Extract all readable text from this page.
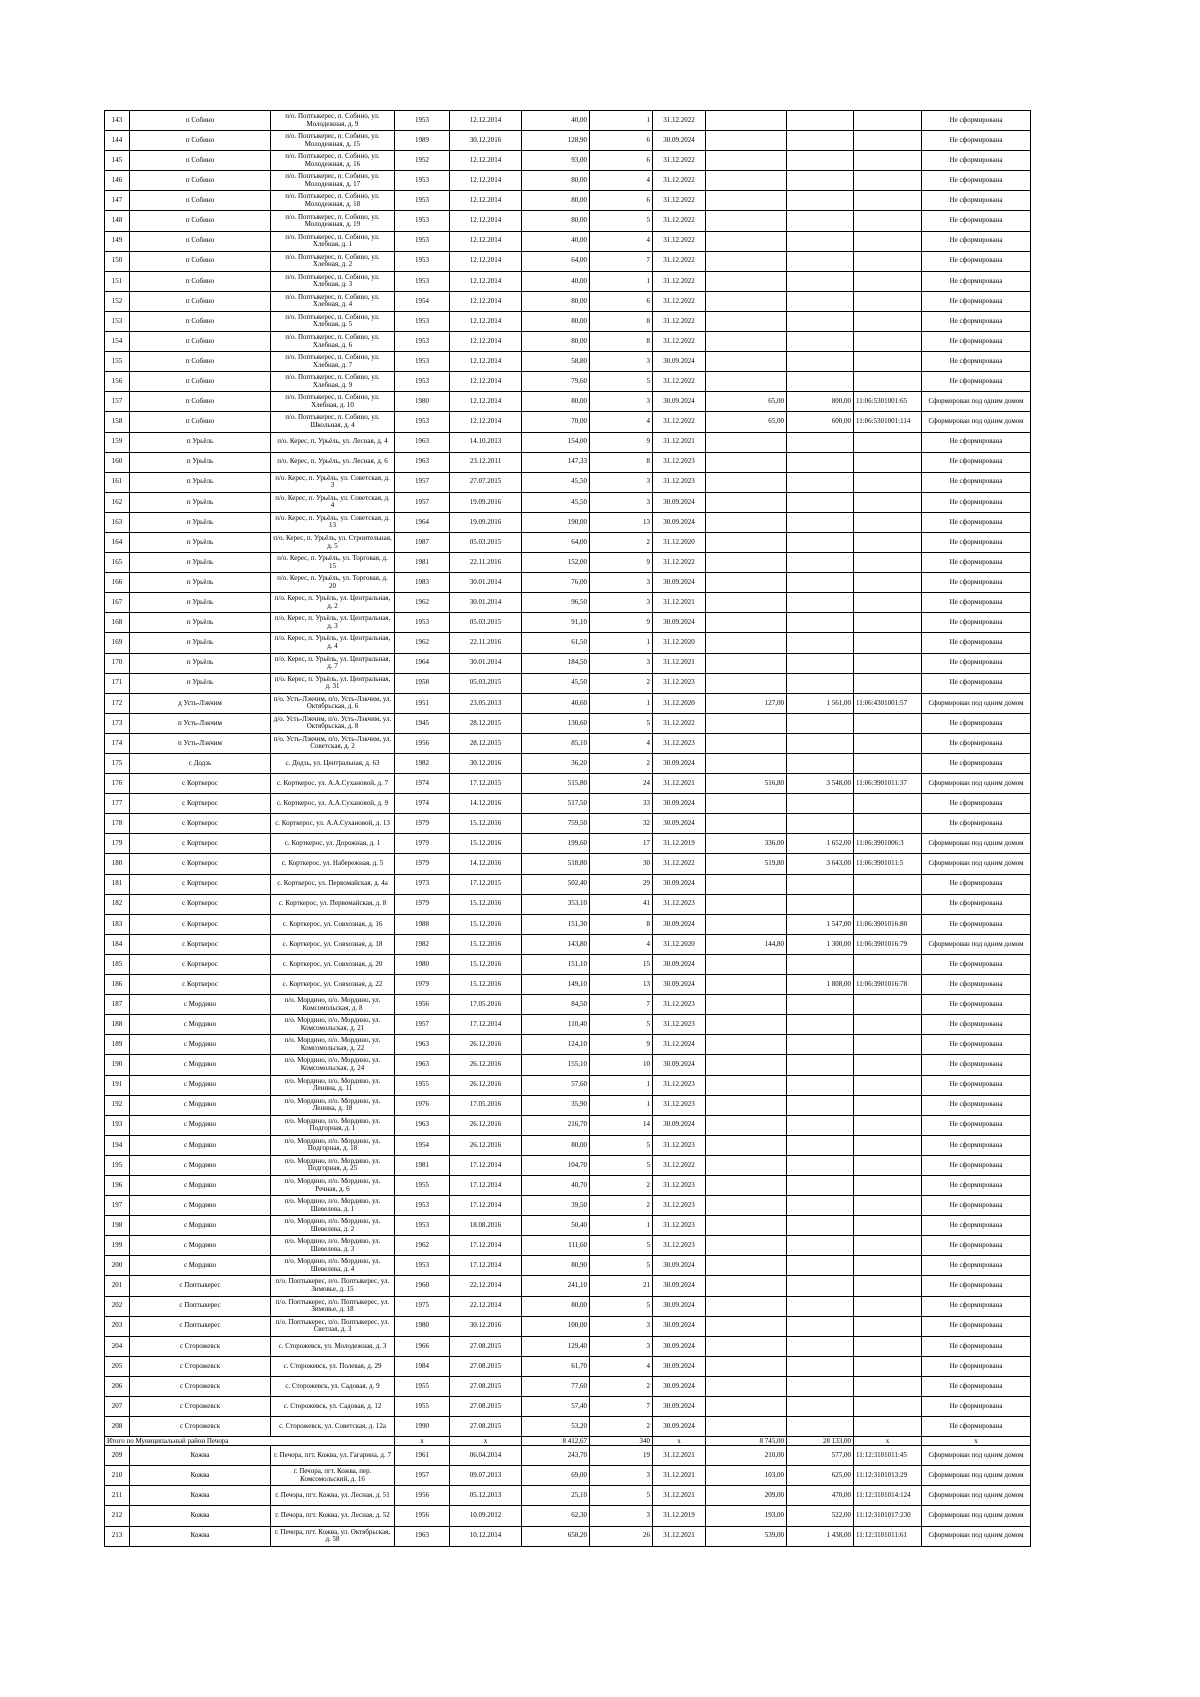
143	п Собино	п/о. Поптыкерес, п. Собино, ул. Молодежная, д. 9	1953	12.12.2014	40,00	1	31.12.2022				Не сформирована
144	п Собино	п/о. Поптыкерес, п. Собино, ул. Молодежная, д. 15	1989	30.12.2016	128,90	6	30.09.2024				Не сформирована
145	п Собино	п/о. Поптыкерес, п. Собино, ул. Молодежная, д. 16	1952	12.12.2014	93,00	6	31.12.2022				Не сформирована
146	п Собино	п/о. Поптыкерес, п. Собино, ул. Молодежная, д. 17	1953	12.12.2014	80,00	4	31.12.2022				Не сформирована
147	п Собино	п/о. Поптыкерес, п. Собино, ул. Молодежная, д. 18	1953	12.12.2014	80,00	6	31.12.2022				Не сформирована
148	п Собино	п/о. Поптыкерес, п. Собино, ул. Молодежная, д. 19	1953	12.12.2014	80,00	5	31.12.2022				Не сформирована
149	п Собино	п/о. Поптыкерес, п. Собино, ул. Хлебная, д. 1	1953	12.12.2014	40,00	4	31.12.2022				Не сформирована
150	п Собино	п/о. Поптыкерес, п. Собино, ул. Хлебная, д. 2	1953	12.12.2014	64,00	7	31.12.2022				Не сформирована
151	п Собино	п/о. Поптыкерес, п. Собино, ул. Хлебная, д. 3	1953	12.12.2014	40,00	1	31.12.2022				Не сформирована
152	п Собино	п/о. Поптыкерес, п. Собино, ул. Хлебная, д. 4	1954	12.12.2014	80,00	6	31.12.2022				Не сформирована
153	п Собино	п/о. Поптыкерес, п. Собино, ул. Хлебная, д. 5	1953	12.12.2014	80,00	8	31.12.2022				Не сформирована
154	п Собино	п/о. Поптыкерес, п. Собино, ул. Хлебная, д. 6	1953	12.12.2014	80,00	8	31.12.2022				Не сформирована
155	п Собино	п/о. Поптыкерес, п. Собино, ул. Хлебная, д. 7	1953	12.12.2014	58,80	3	30.09.2024				Не сформирована
156	п Собино	п/о. Поптыкерес, п. Собино, ул. Хлебная, д. 9	1953	12.12.2014	79,60	5	31.12.2022				Не сформирована
157	п Собино	п/о. Поптыкерес, п. Собино, ул. Хлебная, д. 10	1980	12.12.2014	80,00	3	30.09.2024	65,00	800,00	11:06:5301001:65	Сформирован под одним домом
158	п Собино	п/о. Поптыкерес, п. Собино, ул. Школьная, д. 4	1953	12.12.2014	70,00	4	31.12.2022	65,00	600,00	11:06:5301001:114	Сформирован под одним домом
159	п Урьёль	п/о. Керес, п. Урьёль, ул. Лесная, д. 4	1963	14.10.2013	154,00	9	31.12.2021				Не сформирована
160	п Урьёль	п/о. Керес, п. Урьёль, ул. Лесная, д. 6	1963	23.12.2011	147,33	8	31.12.2023				Не сформирована
161	п Урьёль	п/о. Керес, п. Урьёль, ул. Советская, д. 3	1957	27.07.2015	45,50	3	31.12.2023				Не сформирована
162	п Урьёль	п/о. Керес, п. Урьёль, ул. Советская, д. 4	1957	19.09.2016	45,50	3	30.09.2024				Не сформирована
163	п Урьёль	п/о. Керес, п. Урьёль, ул. Советская, д. 13	1964	19.09.2016	190,00	13	30.09.2024				Не сформирована
164	п Урьёль	п/о. Керес, п. Урьёль, ул. Строительная, д. 5	1987	05.03.2015	64,00	2	31.12.2020				Не сформирована
165	п Урьёль	п/о. Керес, п. Урьёль, ул. Торговая, д. 15	1981	22.11.2016	152,00	9	31.12.2022				Не сформирована
166	п Урьёль	п/о. Керес, п. Урьёль, ул. Торговая, д. 20	1983	30.01.2014	76,00	3	30.09.2024				Не сформирована
167	п Урьёль	п/о. Керес, п. Урьёль, ул. Центральная, д. 2	1962	30.01.2014	96,50	3	31.12.2021				Не сформирована
168	п Урьёль	п/о. Керес, п. Урьёль, ул. Центральная, д. 3	1953	05.03.2015	91,10	9	30.09.2024				Не сформирована
169	п Урьёль	п/о. Керес, п. Урьёль, ул. Центральная, д. 4	1962	22.11.2016	61,50	1	31.12.2020				Не сформирована
170	п Урьёль	п/о. Керес, п. Урьёль, ул. Центральная, д. 7	1964	30.01.2014	184,50	3	31.12.2021				Не сформирована
171	п Урьёль	п/о. Керес, п. Урьёль, ул. Центральная, д. 31	1958	05.03.2015	45,50	2	31.12.2023				Не сформирована
172	д Усть-Лэкчим	п/о. Усть-Лэкчим, п/о. Усть-Лэкчим, ул. Октябрьская, д. 6	1951	23.05.2013	40,60	1	31.12.2020	127,00	1 561,00	11:06:4301001:57	Сформирован под одним домом
173	п Усть-Лэкчим	д/о. Усть-Лэкчим, п/о. Усть-Лэкчим, ул. Октябрьская, д. 8	1945	28.12.2015	130,60	5	31.12.2022				Не сформирована
174	п Усть-Лэкчим	п/о. Усть-Лэкчим, п/о. Усть-Лэкчим, ул. Советская, д. 2	1956	28.12.2015	85,10	4	31.12.2023				Не сформирована
175	с Додзь	с. Додзь, ул. Центральная, д. 63	1982	30.12.2016	36,20	2	30.09.2024				Не сформирована
176	с Корткерос	с. Корткерос, ул. А.А.Сухановой, д. 7	1974	17.12.2015	515,80	24	31.12.2021	516,80	3 548,00	11:06:3901011:37	Сформирован под одним домом
177	с Корткерос	с. Корткерос, ул. А.А.Сухановой, д. 9	1974	14.12.2016	517,50	33	30.09.2024				Не сформирована
178	с Корткерос	с. Корткерос, ул. А.А.Сухановой, д. 13	1979	15.12.2016	759,50	32	30.09.2024				Не сформирована
179	с Корткерос	с. Корткерос, ул. Дорожная, д. 1	1979	15.12.2016	199,60	17	31.12.2019	336,00	1 652,00	11:06:3901006:3	Сформирован под одним домом
180	с Корткерос	с. Корткерос, ул. Набережная, д. 5	1979	14.12.2016	518,80	30	31.12.2022	519,80	3 643,00	11:06:3901011:5	Сформирован под одним домом
181	с Корткерос	с. Корткерос, ул. Первомайская, д. 4а	1973	17.12.2015	502,40	29	30.09.2024				Не сформирована
182	с Корткерос	с. Корткерос, ул. Первомайская, д. 8	1979	15.12.2016	353,10	41	31.12.2023				Не сформирована
183	с Корткерос	с. Корткерос, ул. Совхозная, д. 16	1988	15.12.2016	151,30	8	30.09.2024		1 547,00	11:06:3901016:80	Не сформирована
184	с Корткерос	с. Корткерос, ул. Совхозная, д. 18	1982	15.12.2016	143,80	4	31.12.2020	144,80	1 300,00	11:06:3901016:79	Сформирован под одним домом
185	с Корткерос	с. Корткерос, ул. Совхозная, д. 20	1980	15.12.2016	151,10	15	30.09.2024				Не сформирована
186	с Корткерос	с. Корткерос, ул. Совхозная, д. 22	1979	15.12.2016	149,10	13	30.09.2024		1 808,00	11:06:3901016:78	Не сформирована
187	с Мордино	п/о. Мордино, п/о. Мордино, ул. Комсомольская, д. 8	1956	17.05.2016	84,50	7	31.12.2023				Не сформирована
188	с Мордино	п/о. Мордино, п/о. Мордино, ул. Комсомольская, д. 21	1957	17.12.2014	110,40	5	31.12.2023				Не сформирована
189	с Мордино	п/о. Мордино, п/о. Мордино, ул. Комсомольская, д. 22	1963	26.12.2016	124,10	9	31.12.2024				Не сформирована
190	с Мордино	п/о. Мордино, п/о. Мордино, ул. Комсомольская, д. 24	1963	26.12.2016	155,10	10	30.09.2024				Не сформирована
191	с Мордино	п/о. Мордино, п/о. Мордино, ул. Ленина, д. 11	1955	26.12.2016	57,60	1	31.12.2023				Не сформирована
192	с Мордино	п/о. Мордино, п/о. Мордино, ул. Ленина, д. 18	1976	17.05.2016	35,90	1	31.12.2023				Не сформирована
193	с Мордино	п/о. Мордино, п/о. Мордино, ул. Подгорная, д. 1	1963	26.12.2016	216,70	14	30.09.2024				Не сформирована
194	с Мордино	п/о. Мордино, п/о. Мордино, ул. Подгорная, д. 18	1954	26.12.2016	80,00	5	31.12.2023				Не сформирована
195	с Мордино	п/о. Мордино, п/о. Мордино, ул. Подгорная, д. 25	1981	17.12.2014	104,70	5	31.12.2022				Не сформирована
196	с Мордино	п/о. Мордино, п/о. Мордино, ул. Речная, д. 6	1955	17.12.2014	40,70	2	31.12.2023				Не сформирована
197	с Мордино	п/о. Мордино, п/о. Мордино, ул. Шевелева, д. 1	1953	17.12.2014	39,50	2	31.12.2023				Не сформирована
198	с Мордино	п/о. Мордино, п/о. Мордино, ул. Шевелева, д. 2	1953	18.08.2016	50,40	1	31.12.2023				Не сформирована
199	с Мордино	п/о. Мордино, п/о. Мордино, ул. Шевелева, д. 3	1962	17.12.2014	111,60	5	31.12.2023				Не сформирована
200	с Мордино	п/о. Мордино, п/о. Мордино, ул. Шевелева, д. 4	1953	17.12.2014	80,90	5	30.09.2024				Не сформирована
201	с Поптыкерес	п/о. Поптыкерес, п/о. Поптыкерес, ул. Зимовье, д. 15	1960	22.12.2014	241,10	21	30.09.2024				Не сформирована
202	с Поптыкерес	п/о. Поптыкерес, п/о. Поптыкерес, ул. Зимовье, д. 18	1975	22.12.2014	80,00	5	30.09.2024				Не сформирована
203	с Поптыкерес	п/о. Поптыкерес, п/о. Поптыкерес, ул. Светлая, д. 3	1980	30.12.2016	100,00	3	30.09.2024				Не сформирована
204	с Сторожевск	с. Сторожевск, ул. Молодежная, д. 3	1966	27.08.2015	129,40	3	30.09.2024				Не сформирована
205	с Сторожевск	с. Сторожевск, ул. Полевая, д. 29	1984	27.08.2015	61,70	4	30.09.2024				Не сформирована
206	с Сторожевск	с. Сторожевск, ул. Садовая, д. 9	1955	27.08.2015	77,60	2	30.09.2024				Не сформирована
207	с Сторожевск	с. Сторожевск, ул. Садовая, д. 12	1955	27.08.2015	57,40	7	30.09.2024				Не сформирована
208	с Сторожевск	с. Сторожевск, ул. Советская, д. 12а	1990	27.08.2015	53,20	2	30.09.2024				Не сформирована
Итого по Муниципальный район Печора			x	x	8 412,67	340	x	8 745,00	28 133,00	x	x
209	Кожва	г. Печора, пгт. Кожва, ул. Гагарина, д. 7	1961	06.04.2014	243,70	19	31.12.2021	210,00	577,00	11:12:3101011:45	Сформирован под одним домом
210	Кожва	г. Печора, пгт. Кожва, пер. Комсомольский, д. 16	1957	09.07.2013	69,00	3	31.12.2021	103,00	625,00	11:12:3101013:29	Сформирован под одним домом
211	Кожва	г. Печора, пгт. Кожва, ул. Лесная, д. 51	1956	05.12.2013	25,10	5	31.12.2021	209,00	470,00	11:12:3101014:124	Сформирован под одним домом
212	Кожва	г. Печора, пгт. Кожва, ул. Лесная, д. 52	1956	10.09.2012	62,30	3	31.12.2019	193,00	522,00	11:12:3101017:230	Сформирован под одним домом
213	Кожва	г. Печора, пгт. Кожва, ул. Октябрьская, д. 58	1963	10.12.2014	658,20	26	31.12.2021	539,00	1 438,00	11:12:3101011:61	Сформирован под одним домом
